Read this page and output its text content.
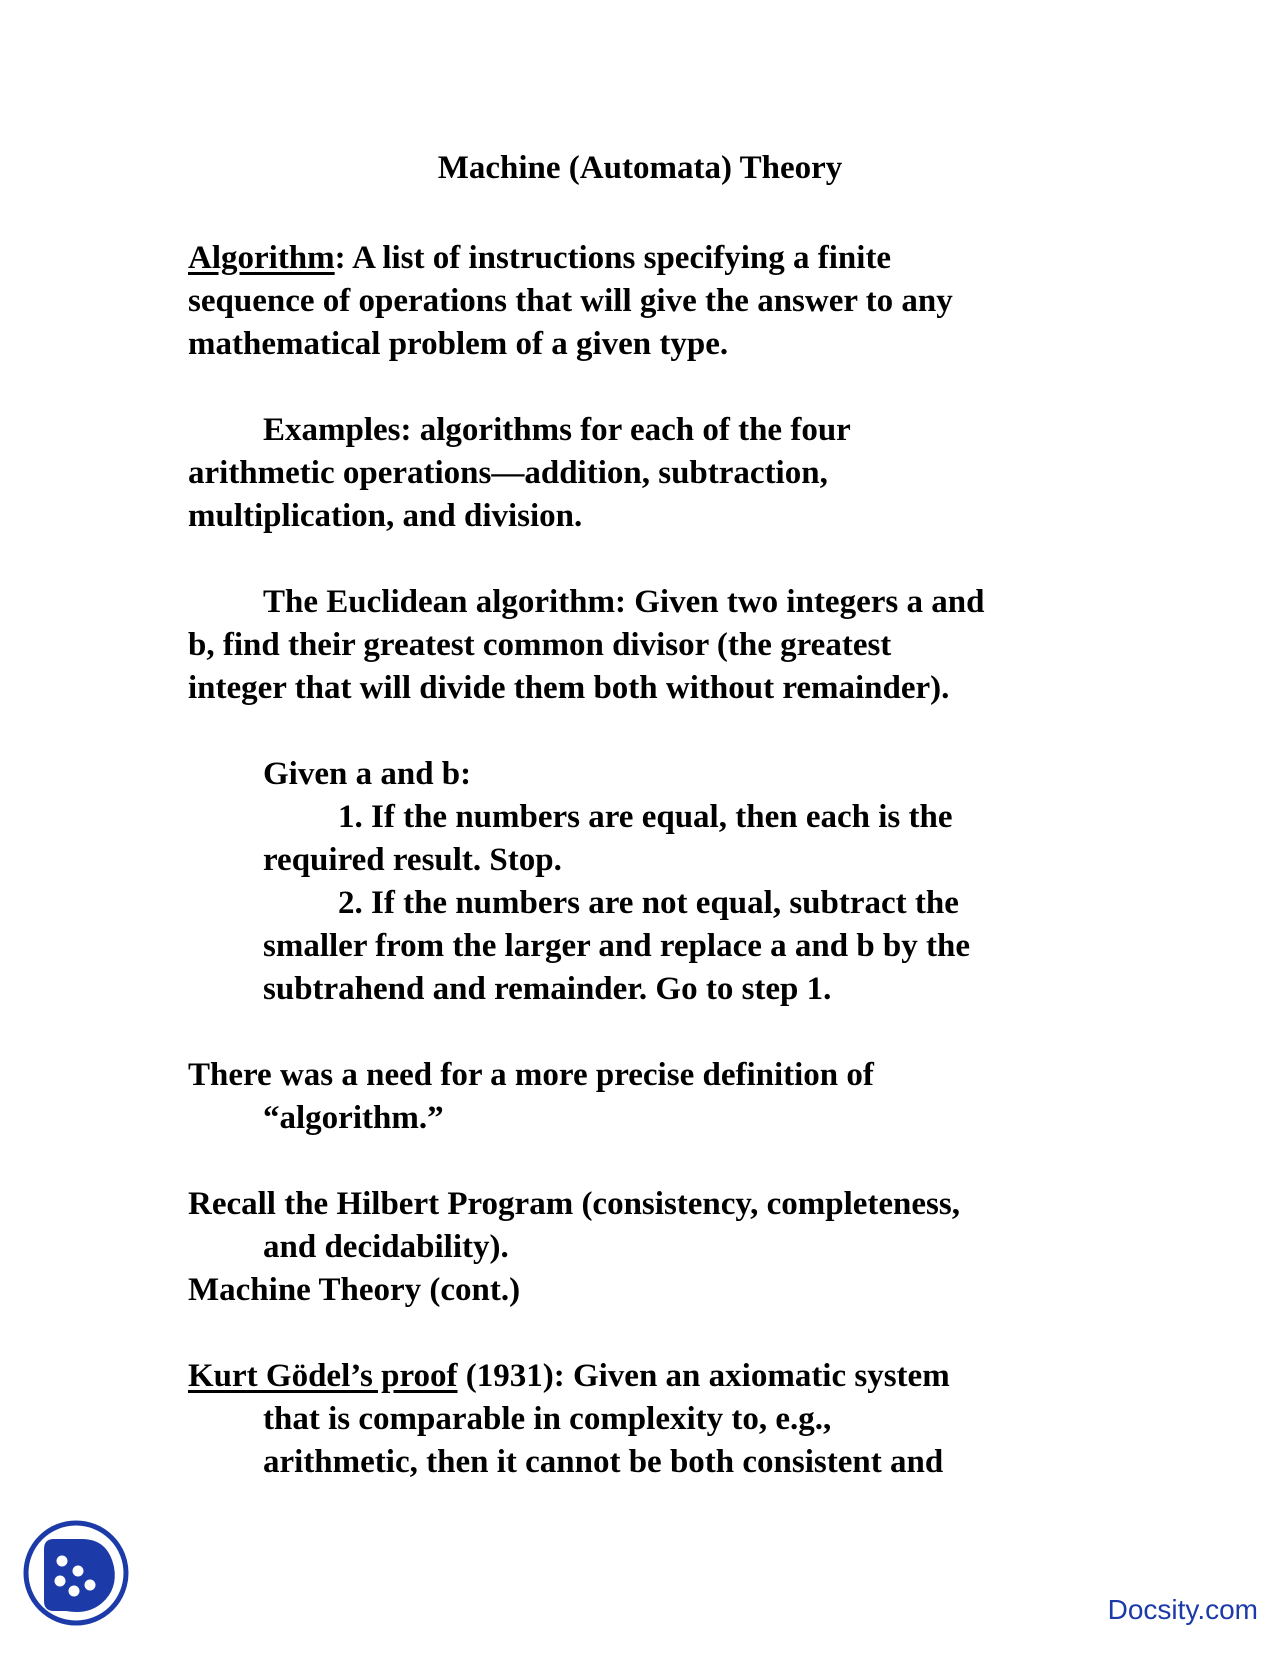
Machine (Automata) Theory
Algorithm: A list of instructions specifying a finite
sequence of operations that will give the answer to any
mathematical problem of a given type.
Examples: algorithms for each of the four
arithmetic operations—addition, subtraction,
multiplication, and division.
The Euclidean algorithm: Given two integers a and
b, find their greatest common divisor (the greatest
integer that will divide them both without remainder).
Given a and b:
1. If the numbers are equal, then each is the
required result. Stop.
2. If the numbers are not equal, subtract the
smaller from the larger and replace a and b by the
subtrahend and remainder. Go to step 1.
There was a need for a more precise definition of
“algorithm.”
Recall the Hilbert Program (consistency, completeness,
and decidability).
Machine Theory (cont.)
Kurt Gödel’s proof (1931): Given an axiomatic system
that is comparable in complexity to, e.g.,
arithmetic, then it cannot be both consistent and
Docsity.com
